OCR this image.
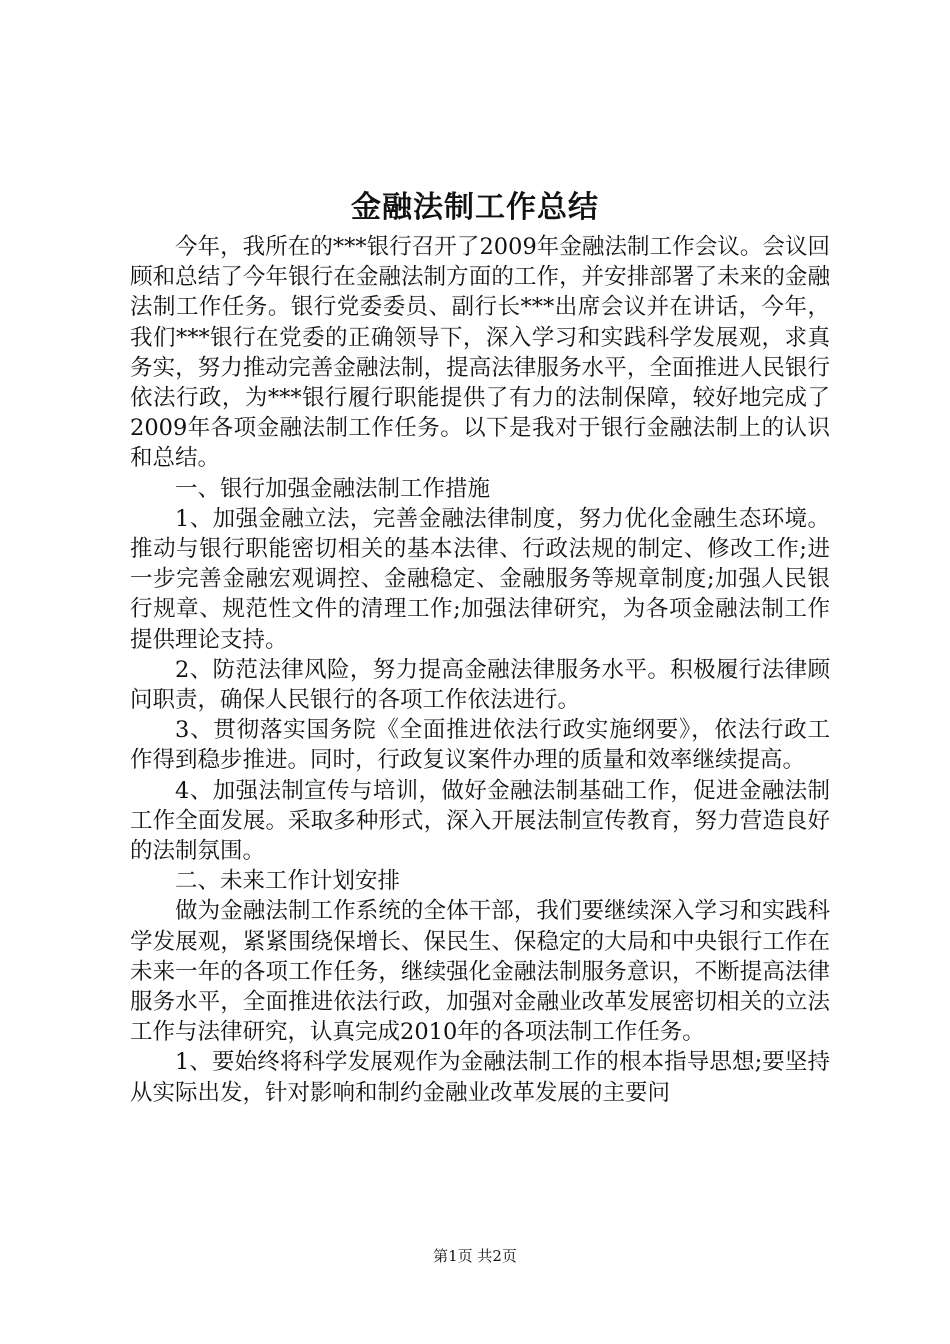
金融法制工作总结

今年，我所在的***银行召开了2009年金融法制工作会议。会议回顾和总结了今年银行在金融法制方面的工作，并安排部署了未来的金融法制工作任务。银行党委委员、副行长***出席会议并在讲话，今年，我们***银行在党委的正确领导下，深入学习和实践科学发展观，求真务实，努力推动完善金融法制，提高法律服务水平，全面推进人民银行依法行政，为***银行履行职能提供了有力的法制保障，较好地完成了2009年各项金融法制工作任务。以下是我对于银行金融法制上的认识和总结。

一、银行加强金融法制工作措施

1、加强金融立法，完善金融法律制度，努力优化金融生态环境。推动与银行职能密切相关的基本法律、行政法规的制定、修改工作;进一步完善金融宏观调控、金融稳定、金融服务等规章制度;加强人民银行规章、规范性文件的清理工作;加强法律研究，为各项金融法制工作提供理论支持。

2、防范法律风险，努力提高金融法律服务水平。积极履行法律顾问职责，确保人民银行的各项工作依法进行。

3、贯彻落实国务院《全面推进依法行政实施纲要》，依法行政工作得到稳步推进。同时，行政复议案件办理的质量和效率继续提高。

4、加强法制宣传与培训，做好金融法制基础工作，促进金融法制工作全面发展。采取多种形式，深入开展法制宣传教育，努力营造良好的法制氛围。

二、未来工作计划安排

做为金融法制工作系统的全体干部，我们要继续深入学习和实践科学发展观，紧紧围绕保增长、保民生、保稳定的大局和中央银行工作在未来一年的各项工作任务，继续强化金融法制服务意识，不断提高法律服务水平，全面推进依法行政，加强对金融业改革发展密切相关的立法工作与法律研究，认真完成2010年的各项法制工作任务。

1、要始终将科学发展观作为金融法制工作的根本指导思想;要坚持从实际出发，针对影响和制约金融业改革发展的主要问

第1页 共2页
